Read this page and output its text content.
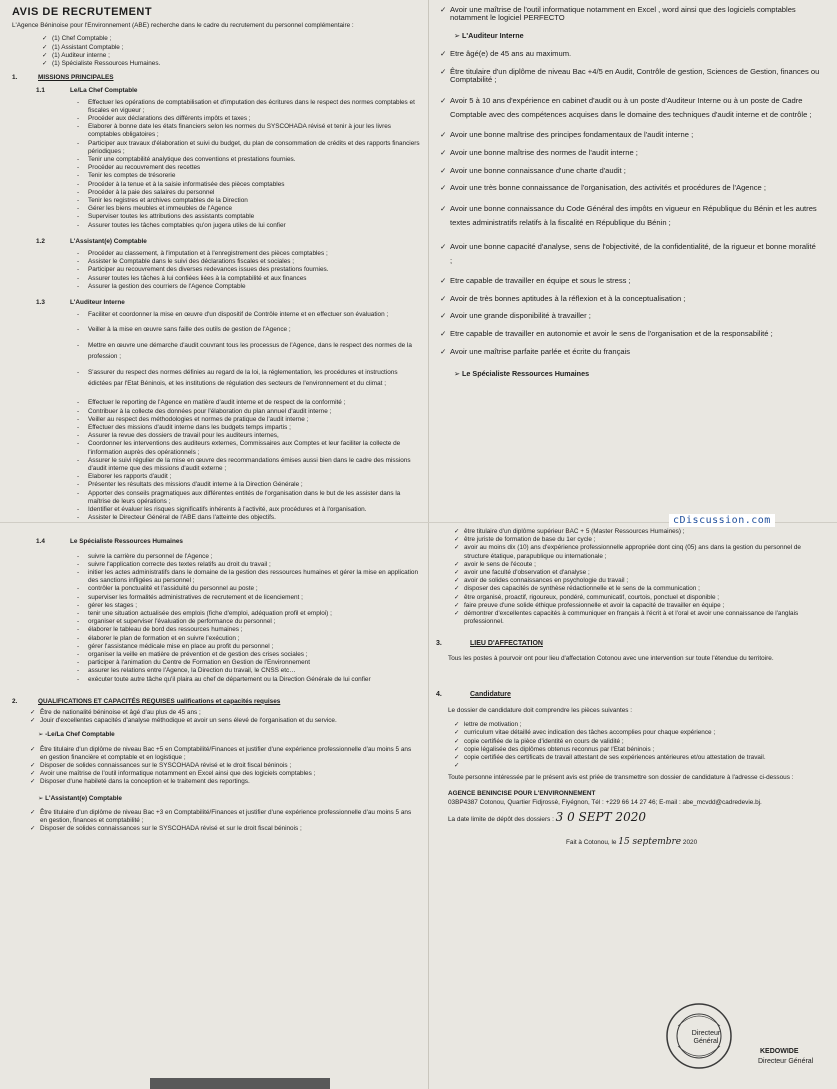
AVIS DE RECRUTEMENT
L'Agence Béninoise pour l'Environnement (ABE) recherche dans le cadre du recrutement du personnel complémentaire :
✓ (1) Chef Comptable ;
✓ (1) Assistant Comptable ;
✓ (1) Auditeur interne ;
✓ (1) Spécialiste Ressources Humaines.
1.	MISSIONS PRINCIPALES
1.1	Le/La Chef Comptable
- Effectuer les opérations de comptabilisation et d'imputation des écritures dans le respect des normes comptables et fiscales en vigueur ;
- Procéder aux déclarations des différents impôts et taxes ;
- Elaborer à bonne date les états financiers selon les normes du SYSCOHADA révisé et tenir à jour les livres comptables obligatoires ;
- Participer aux travaux d'élaboration et suivi du budget, du plan de consommation de crédits et des rapports financiers périodiques ;
- Tenir une comptabilité analytique des conventions et prestations fournies.
- Procéder au recouvrement des recettes
- Tenir les comptes de trésorerie
- Procéder à la tenue et à la saisie informatisée des pièces comptables
- Procéder à la paie des salaires du personnel
- Tenir les registres et archives comptables de la Direction
- Gérer les biens meubles et immeubles de l'Agence
- Superviser toutes les attributions des assistants comptable
- Assurer toutes les tâches comptables qu'on jugera utiles de lui confier
1.2	L'Assistant(e) Comptable
- Procéder au classement, à l'imputation et à l'enregistrement des pièces comptables ;
- Assister le Comptable dans le suivi des déclarations fiscales et sociales ;
- Participer au recouvrement des diverses redevances issues des prestations fournies.
- Assurer toutes les tâches à lui confiées liées à la comptabilité et aux finances
- Assurer la gestion des courriers de l'Agence Comptable
1.3	L'Auditeur Interne
- Faciliter et coordonner la mise en œuvre d'un dispositif de Contrôle interne et en effectuer son évaluation ;
- Veiller à la mise en œuvre sans faille des outils de gestion de l'Agence ;
- Mettre en œuvre une démarche d'audit couvrant tous les processus de l'Agence, dans le respect des normes de la profession ;
- S'assurer du respect des normes définies au regard de la loi, la réglementation, les procédures et instructions édictées par l'Etat Béninois, et les institutions de régulation des secteurs de l'environnement et du climat ;
- Effectuer le reporting de l'Agence en matière d'audit interne et de respect de la conformité ;
- Contribuer à la collecte des données pour l'élaboration du plan annuel d'audit interne ;
- Veiller au respect des méthodologies et normes de pratique de l'audit interne ;
- Effectuer des missions d'audit interne dans les budgets temps impartis ;
- Assurer la revue des dossiers de travail pour les auditeurs internes,
- Coordonner les interventions des auditeurs externes, Commissaires aux Comptes et leur faciliter la collecte de l'information auprès des opérationnels ;
- Assurer le suivi régulier de la mise en œuvre des recommandations émises aussi bien dans le cadre des missions d'audit interne que des missions d'audit externe ;
- Elaborer les rapports d'audit ;
- Présenter les résultats des missions d'audit interne à la Direction Générale ;
- Apporter des conseils pragmatiques aux différentes entités de l'organisation dans le but de les assister dans la maîtrise de leurs opérations ;
- Identifier et évaluer les risques significatifs inhérents à l'activité, aux procédures et à l'organisation.
- Assister le Directeur Général de l'ABE dans l'atteinte des objectifs.
1.4	Le Spécialiste Ressources Humaines
- suivre la carrière du personnel de l'Agence ;
- suivre l'application correcte des textes relatifs au droit du travail ;
- initier les actes administratifs dans le domaine de la gestion des ressources humaines et gérer la mise en application des sanctions infligées au personnel ;
- contrôler la ponctualité et l'assiduité du personnel au poste ;
- superviser les formalités administratives de recrutement et de licenciement ;
- gérer les stages ;
- tenir une situation actualisée des emplois (fiche d'emploi, adéquation profil et emploi) ;
- organiser et superviser l'évaluation de performance du personnel ;
- élaborer le tableau de bord des ressources humaines ;
- élaborer le plan de formation et en suivre l'exécution ;
- gérer l'assistance médicale mise en place au profit du personnel ;
- organiser la veille en matière de prévention et de gestion des crises sociales ;
- participer à l'animation du Centre de Formation en Gestion de l'Environnement
- assurer les relations entre l'Agence, la Direction du travail, le CNSS etc…
- exécuter toute autre tâche qu'il plaira au chef de département ou la Direction Générale de lui confier
2.	QUALIFICATIONS ET CAPACITÉS REQUISES ualifications et capacités requises
✓ Être de nationalité béninoise et âgé d'au plus de 45 ans ;
✓ Jouir d'excellentes capacités d'analyse méthodique et avoir un sens élevé de l'organisation et du service.
➢ -Le/La Chef Comptable
✓ Être titulaire d'un diplôme de niveau Bac +5 en Comptabilité/Finances et justifier d'une expérience professionnelle d'au moins 5 ans en gestion financière et comptable et en logistique ;
✓ Disposer de solides connaissances sur le SYSCOHADA révisé et le droit fiscal béninois ;
✓ Avoir une maîtrise de l'outil informatique notamment en Excel ainsi que des logiciels comptables ;
✓ Disposer d'une habileté dans la conception et le traitement des reportings.
➢ L'Assistant(e) Comptable
✓ Être titulaire d'un diplôme de niveau Bac +3 en Comptabilité/Finances et justifier d'une expérience professionnelle d'au moins 5 ans en gestion, finances et comptabilité ;
✓ Disposer de solides connaissances sur le SYSCOHADA révisé et sur le droit fiscal béninois ;
✓ Avoir une maîtrise de l'outil informatique notamment en Excel , word ainsi que des logiciels comptables notamment le logiciel PERFECTO
➢ L'Auditeur Interne
✓ Etre âgé(e) de 45 ans au maximum.
✓ Être titulaire d'un diplôme de niveau Bac +4/5 en Audit, Contrôle de gestion, Sciences de Gestion, finances ou Comptabilité ;
✓ Avoir 5 à 10 ans d'expérience en cabinet d'audit ou à un poste d'Auditeur Interne ou à un poste de Cadre Comptable avec des compétences acquises dans le domaine des techniques d'audit interne et de contrôle ;
✓ Avoir une bonne maîtrise des principes fondamentaux de l'audit interne ;
✓ Avoir une bonne maîtrise des normes de l'audit interne ;
✓ Avoir une bonne connaissance d'une charte d'audit ;
✓ Avoir une très bonne connaissance de l'organisation, des activités et procédures de l'Agence ;
✓ Avoir une bonne connaissance du Code Général des impôts en vigueur en République du Bénin et les autres textes administratifs relatifs à la fiscalité en République du Bénin ;
✓ Avoir une bonne capacité d'analyse, sens de l'objectivité, de la confidentialité, de la rigueur et bonne moralité ;
✓ Etre capable de travailler en équipe et sous le stress ;
✓ Avoir de très bonnes aptitudes à la réflexion et à la conceptualisation ;
✓ Avoir une grande disponibilité à travailler ;
✓ Etre capable de travailler en autonomie et avoir le sens de l'organisation et de la responsabilité ;
✓ Avoir une maîtrise parfaite parlée et écrite du français
➢ Le Spécialiste Ressources Humaines
cDiscussion.com
✓ être titulaire d'un diplôme supérieur BAC + 5 (Master Ressources Humaines) ;
✓ être juriste de formation de base du 1er cycle ;
✓ avoir au moins dix (10) ans d'expérience professionnelle appropriée dont cinq (05) ans dans la gestion du personnel de structure étatique, parapublique ou internationale ;
✓ avoir le sens de l'écoute ;
✓ avoir une faculté d'observation et d'analyse ;
✓ avoir de solides connaissances en psychologie du travail ;
✓ disposer des capacités de synthèse rédactionnelle et le sens de la communication ;
✓ être organisé, proactif, rigoureux, pondéré, communicatif, courtois, ponctuel et disponible ;
✓ faire preuve d'une solide éthique professionnelle et avoir la capacité de travailler en équipe ;
✓ démontrer d'excellentes capacités à communiquer en français à l'écrit à et l'oral et avoir une connaissance de l'anglais professionnel.
3.	LIEU D'AFFECTATION
Tous les postes à pourvoir ont pour lieu d'affectation Cotonou avec une intervention sur toute l'étendue du territoire.
4.	Candidature
Le dossier de candidature doit comprendre les pièces suivantes :
✓ lettre de motivation ;
✓ curriculum vitae détaillé avec indication des tâches accomplies pour chaque expérience ;
✓ copie certifiée de la pièce d'identité en cours de validité ;
✓ copie légalisée des diplômes obtenus reconnus par l'Etat béninois ;
✓ copie certifiée des certificats de travail attestant de ses expériences antérieures et/ou attestation de travail.
Toute personne intéressée par le présent avis est priée de transmettre son dossier de candidature à l'adresse ci-dessous :
AGENCE BENINCISE POUR L'ENVIRONNEMENT
03BP4387 Cotonou, Quartier Fidjrossè, Fiyégnon, Tél : +229 66 14 27 46; E-mail : abe_mcvdd@cadredevie.bj.
La date limite de dépôt des dossiers : 3 0 SEPT 2020
Fait à Cotonou, le 15 septembre 2020
Directeur Général
KEDOWIDE
Directeur Général
